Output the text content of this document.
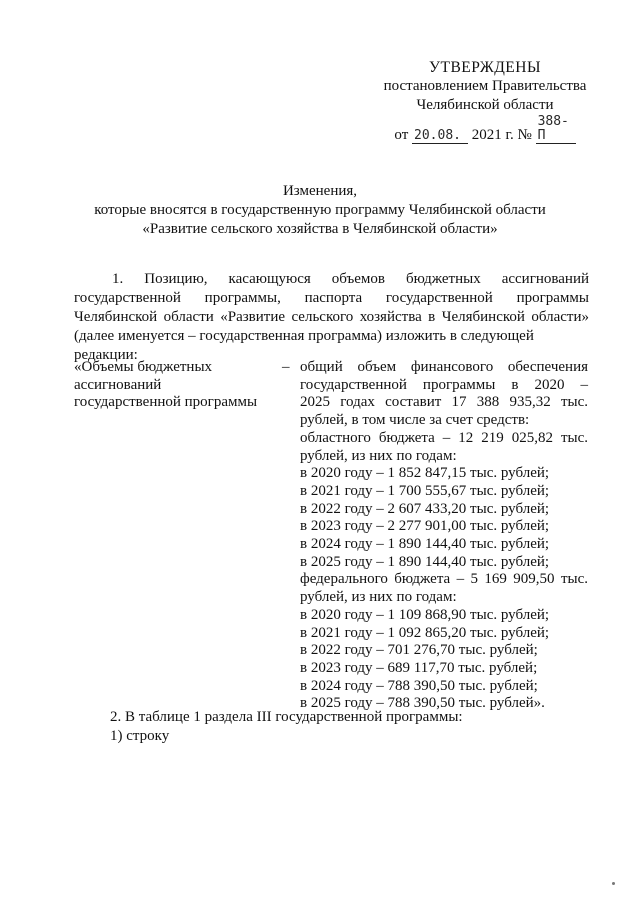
УТВЕРЖДЕНЫ
постановлением Правительства
Челябинской области
от 20.08. 2021 г. № 388-П
Изменения,
которые вносятся в государственную программу Челябинской области
«Развитие сельского хозяйства в Челябинской области»

1. Позицию, касающуюся объемов бюджетных ассигнований государственной программы, паспорта государственной программы Челябинской области «Развитие сельского хозяйства в Челябинской области» (далее именуется – государственная программа) изложить в следующей

редакции:

«Объемы бюджетных
ассигнований
государственной программы
– общий объем финансового обеспечения
государственной программы в 2020 –
2025 годах составит 17 388 935,32 тыс.
рублей, в том числе за счет средств:
областного бюджета – 12 219 025,82 тыс.
рублей, из них по годам:
в 2020 году – 1 852 847,15 тыс. рублей;
в 2021 году – 1 700 555,67 тыс. рублей;
в 2022 году – 2 607 433,20 тыс. рублей;
в 2023 году – 2 277 901,00 тыс. рублей;
в 2024 году – 1 890 144,40 тыс. рублей;
в 2025 году – 1 890 144,40 тыс. рублей;
федерального бюджета – 5 169 909,50 тыс.
рублей, из них по годам:
в 2020 году – 1 109 868,90 тыс. рублей;
в 2021 году – 1 092 865,20 тыс. рублей;
в 2022 году – 701 276,70 тыс. рублей;
в 2023 году – 689 117,70 тыс. рублей;
в 2024 году – 788 390,50 тыс. рублей;
в 2025 году – 788 390,50 тыс. рублей».
2. В таблице 1 раздела III государственной программы:
1) строку
